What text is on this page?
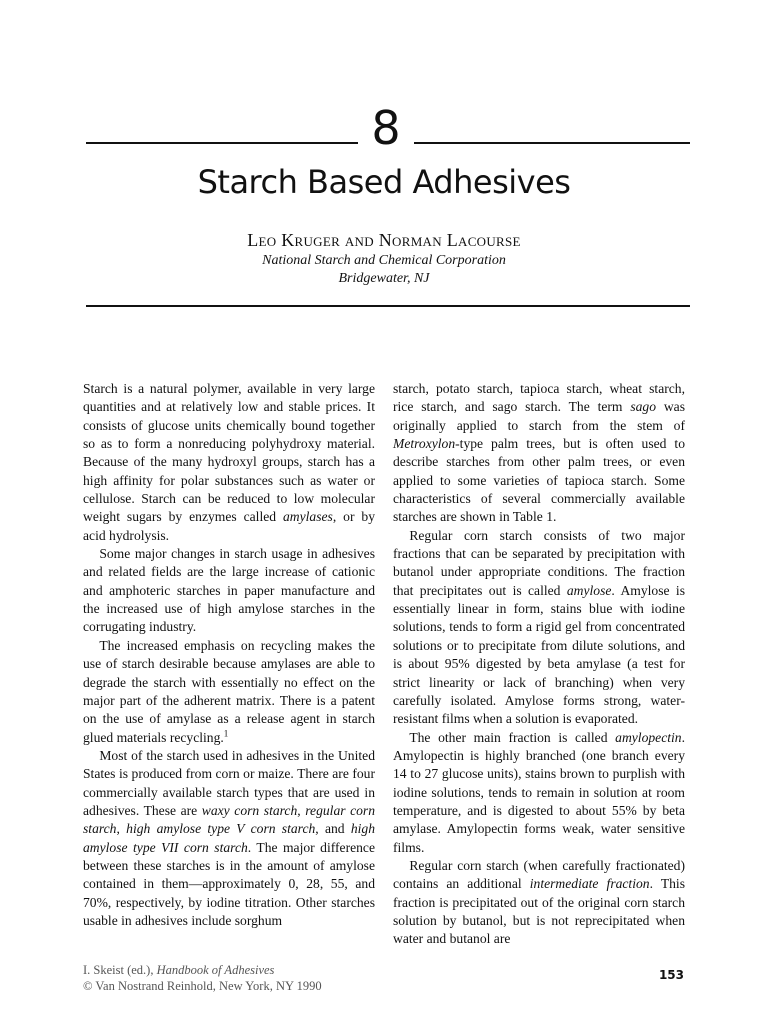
8
Starch Based Adhesives
Leo Kruger and Norman Lacourse
National Starch and Chemical Corporation
Bridgewater, NJ

Starch is a natural polymer, available in very large quantities and at relatively low and stable prices. It consists of glucose units chemically bound together so as to form a nonreducing polyhydroxy material. Because of the many hydroxyl groups, starch has a high affinity for polar substances such as water or cellulose. Starch can be reduced to low molecular weight sugars by enzymes called amylases, or by acid hydrolysis.

Some major changes in starch usage in adhesives and related fields are the large increase of cationic and amphoteric starches in paper manufacture and the increased use of high amylose starches in the corrugating industry.

The increased emphasis on recycling makes the use of starch desirable because amylases are able to degrade the starch with essentially no effect on the major part of the adherent matrix. There is a patent on the use of amylase as a release agent in starch glued materials recycling.$^1$

Most of the starch used in adhesives in the United States is produced from corn or maize. There are four commercially available starch types that are used in adhesives. These are waxy corn starch, regular corn starch, high amylose type V corn starch, and high amylose type VII corn starch. The major difference between these starches is in the amount of amylose contained in them—approximately 0, 28, 55, and 70%, respectively, by iodine titration. Other starches usable in adhesives include sorghum

starch, potato starch, tapioca starch, wheat starch, rice starch, and sago starch. The term sago was originally applied to starch from the stem of Metroxylon-type palm trees, but is often used to describe starches from other palm trees, or even applied to some varieties of tapioca starch. Some characteristics of several commercially available starches are shown in Table 1.

Regular corn starch consists of two major fractions that can be separated by precipitation with butanol under appropriate conditions. The fraction that precipitates out is called amylose. Amylose is essentially linear in form, stains blue with iodine solutions, tends to form a rigid gel from concentrated solutions or to precipitate from dilute solutions, and is about 95% digested by beta amylase (a test for strict linearity or lack of branching) when very carefully isolated. Amylose forms strong, water-resistant films when a solution is evaporated.

The other main fraction is called amylopectin. Amylopectin is highly branched (one branch every 14 to 27 glucose units), stains brown to purplish with iodine solutions, tends to remain in solution at room temperature, and is digested to about 55% by beta amylase. Amylopectin forms weak, water sensitive films.

Regular corn starch (when carefully fractionated) contains an additional intermediate fraction. This fraction is precipitated out of the original corn starch solution by butanol, but is not reprecipitated when water and butanol are

I. Skeist (ed.), Handbook of Adhesives
© Van Nostrand Reinhold, New York, NY 1990
153
